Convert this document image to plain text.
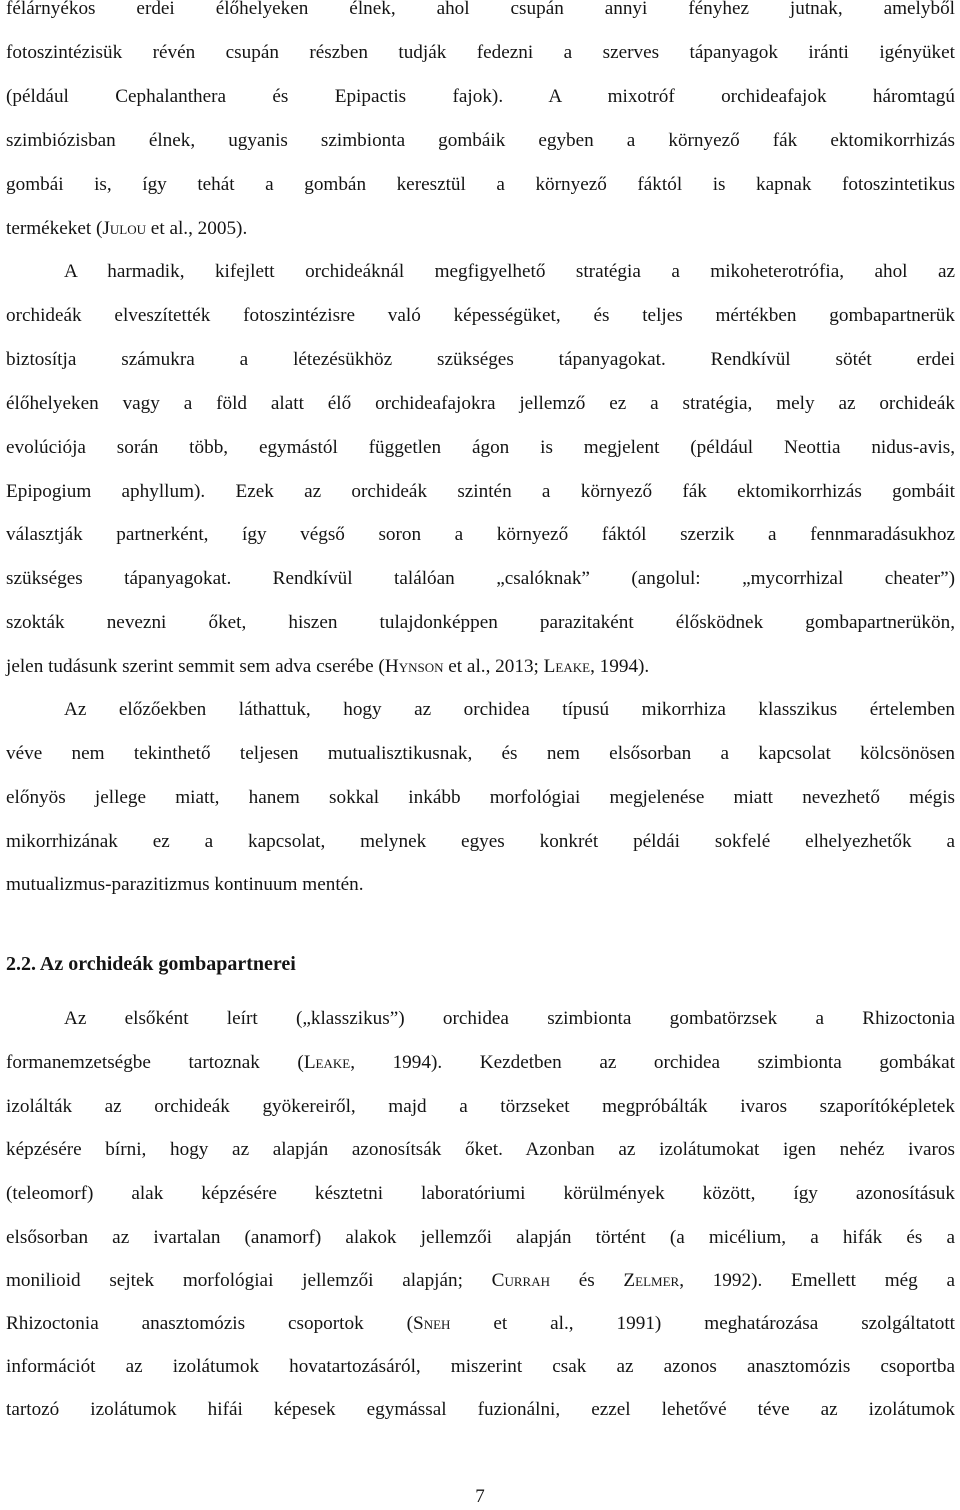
félárnyékos erdei élőhelyeken élnek, ahol csupán annyi fényhez jutnak, amelyből
fotoszintézisük révén csupán részben tudják fedezni a szerves tápanyagok iránti igényüket
(például Cephalanthera és Epipactis fajok). A mixotróf orchideafajok háromtagú
szimbiózisban élnek, ugyanis szimbionta gombáik egyben a környező fák ektomikorrhizás
gombái is, így tehát a gombán keresztül a környező fáktól is kapnak fotoszintetikus
termékeket (Julou et al., 2005).
A harmadik, kifejlett orchideáknál megfigyelhető stratégia a mikoheterotrófia, ahol az
orchideák elveszítették fotoszintézisre való képességüket, és teljes mértékben gombapartnerük
biztosítja számukra a létezésükhöz szükséges tápanyagokat. Rendkívül sötét erdei
élőhelyeken vagy a föld alatt élő orchideafajokra jellemző ez a stratégia, mely az orchideák
evolúciója során több, egymástól független ágon is megjelent (például Neottia nidus-avis,
Epipogium aphyllum). Ezek az orchideák szintén a környező fák ektomikorrhizás gombáit
választják partnerként, így végső soron a környező fáktól szerzik a fennmaradásukhoz
szükséges tápanyagokat. Rendkívül találóan „csalóknak” (angolul: „mycorrhizal cheater”)
szokták nevezni őket, hiszen tulajdonképpen parazitaként élősködnek gombapartnerükön,
jelen tudásunk szerint semmit sem adva cserébe (Hynson et al., 2013; Leake, 1994).
Az előzőekben láthattuk, hogy az orchidea típusú mikorrhiza klasszikus értelemben
véve nem tekinthető teljesen mutualisztikusnak, és nem elsősorban a kapcsolat kölcsönösen
előnyös jellege miatt, hanem sokkal inkább morfológiai megjelenése miatt nevezhető mégis
mikorrhizának ez a kapcsolat, melynek egyes konkrét példái sokfelé elhelyezhetők a
mutualizmus-parazitizmus kontinuum mentén.
2.2. Az orchideák gombapartnerei
Az elsőként leírt („klasszikus”) orchidea szimbionta gombatörzsek a Rhizoctonia
formanemzetségbe tartoznak (Leake, 1994). Kezdetben az orchidea szimbionta gombákat
izolálták az orchideák gyökereiről, majd a törzseket megpróbálták ivaros szaporítóképletek
képzésére bírni, hogy az alapján azonosítsák őket. Azonban az izolátumokat igen nehéz ivaros
(teleomorf) alak képzésére késztetni laboratóriumi körülmények között, így azonosításuk
elsősorban az ivartalan (anamorf) alakok jellemzői alapján történt (a micélium, a hifák és a
monilioid sejtek morfológiai jellemzői alapján; Currah és Zelmer, 1992). Emellett még a
Rhizoctonia anasztomózis csoportok (Sneh et al., 1991) meghatározása szolgáltatott
információt az izolátumok hovatartozásáról, miszerint csak az azonos anasztomózis csoportba
tartozó izolátumok hifái képesek egymással fuzionálni, ezzel lehetővé téve az izolátumok
7
